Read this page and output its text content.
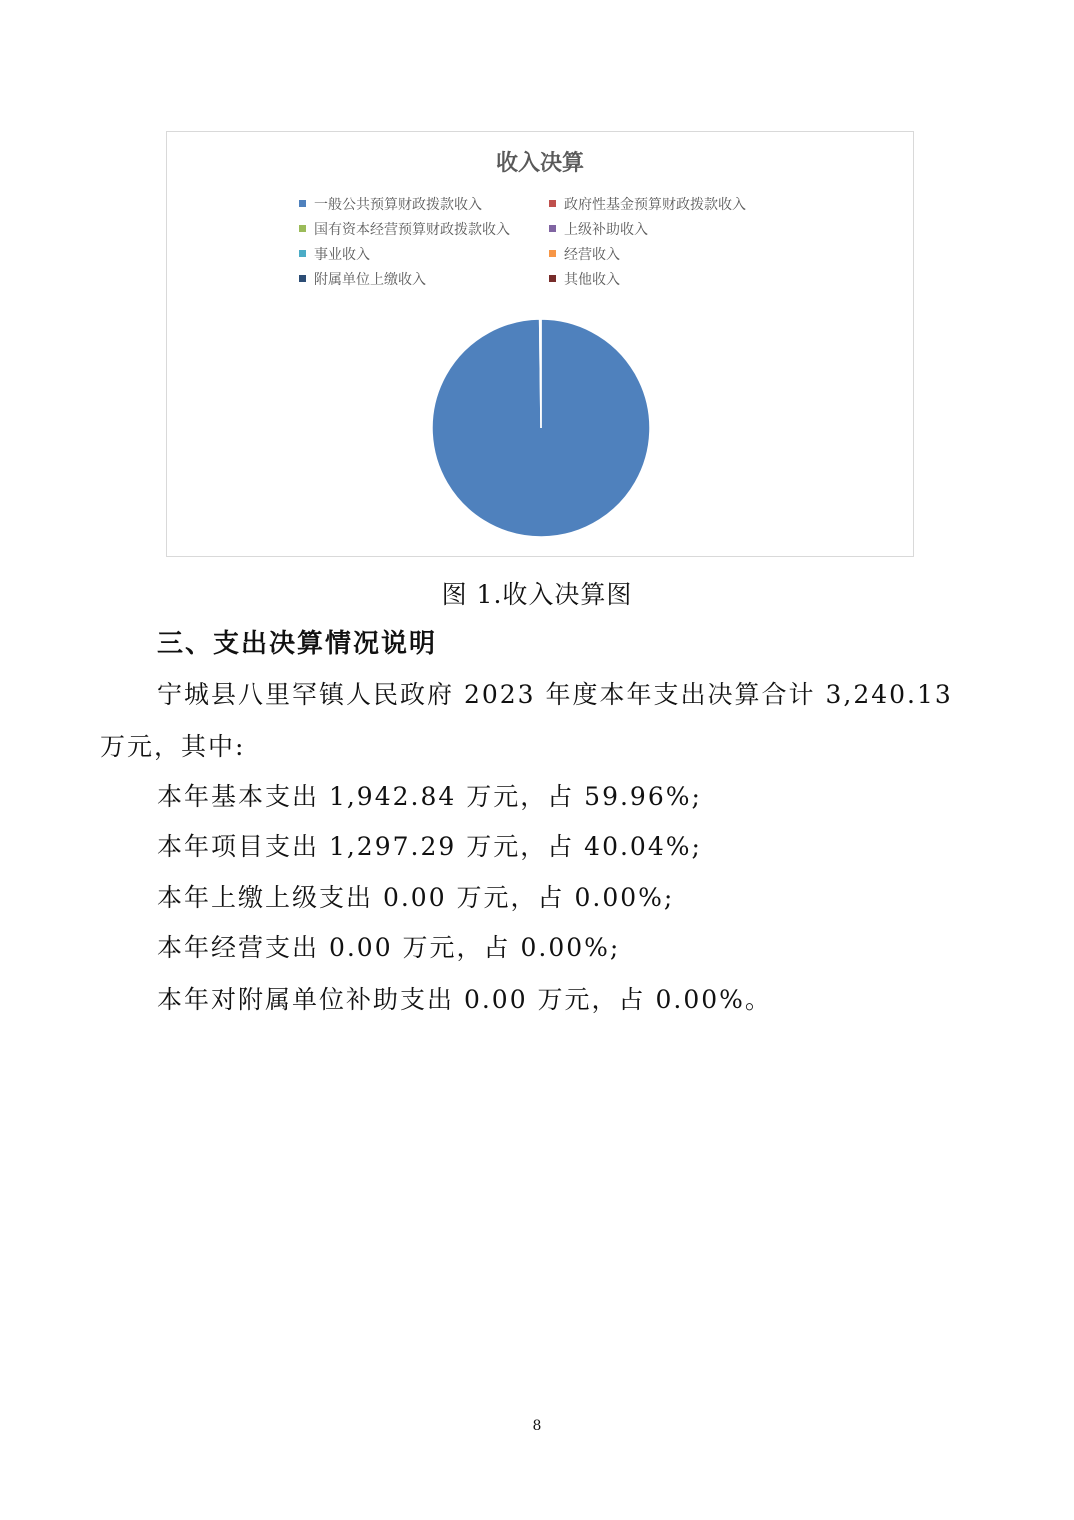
收入决算
一般公共预算财政拨款收入	政府性基金预算财政拨款收入
国有资本经营预算财政拨款收入	上级补助收入
事业收入	经营收入
附属单位上缴收入	其他收入
图 1.收入决算图
三、支出决算情况说明
宁城县八里罕镇人民政府 2023 年度本年支出决算合计 3,240.13
万元，其中:
本年基本支出 1,942.84 万元，占 59.96%;
本年项目支出 1,297.29 万元，占 40.04%;
本年上缴上级支出 0.00 万元，占 0.00%;
本年经营支出 0.00 万元，占 0.00%;
本年对附属单位补助支出 0.00 万元，占 0.00%。
8
